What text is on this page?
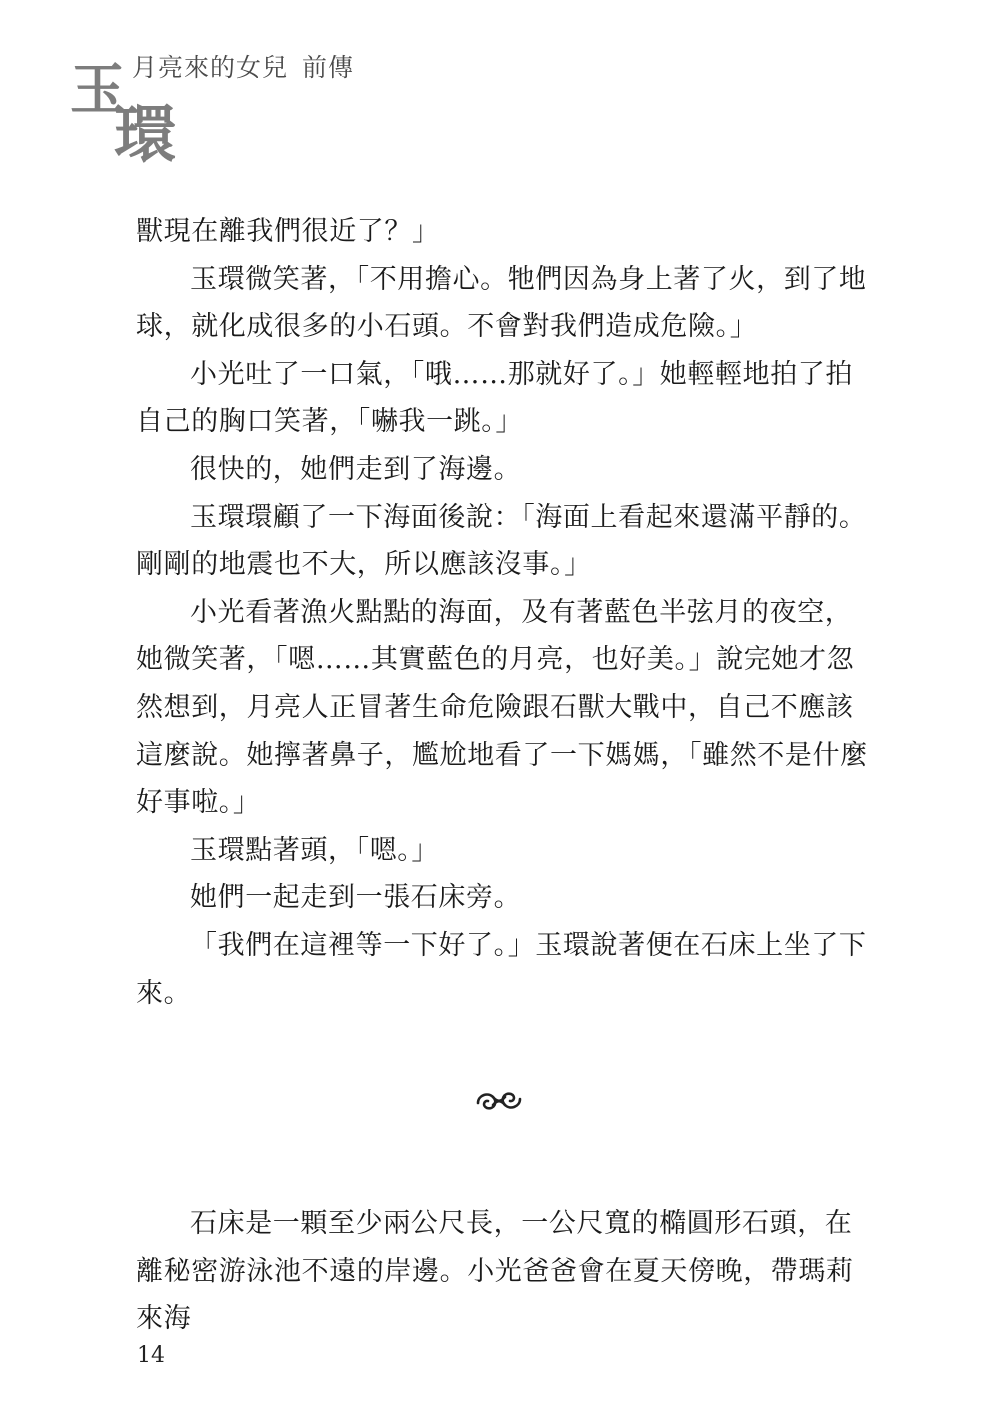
玉
環
月亮來的女兒 前傳

獸現在離我們很近了？」

玉環微笑著，「不用擔心。牠們因為身上著了火，到了地球，就化成很多的小石頭。不會對我們造成危險。」

小光吐了一口氣，「哦……那就好了。」她輕輕地拍了拍自己的胸口笑著，「嚇我一跳。」

很快的，她們走到了海邊。

玉環環顧了一下海面後說：「海面上看起來還滿平靜的。剛剛的地震也不大，所以應該沒事。」

小光看著漁火點點的海面，及有著藍色半弦月的夜空，她微笑著，「嗯……其實藍色的月亮，也好美。」說完她才忽然想到，月亮人正冒著生命危險跟石獸大戰中，自己不應該這麼說。她擰著鼻子，尷尬地看了一下媽媽，「雖然不是什麼好事啦。」

玉環點著頭，「嗯。」

她們一起走到一張石床旁。

「我們在這裡等一下好了。」玉環說著便在石床上坐了下來。

石床是一顆至少兩公尺長，一公尺寬的橢圓形石頭，在離秘密游泳池不遠的岸邊。小光爸爸會在夏天傍晚，帶瑪莉來海

14
